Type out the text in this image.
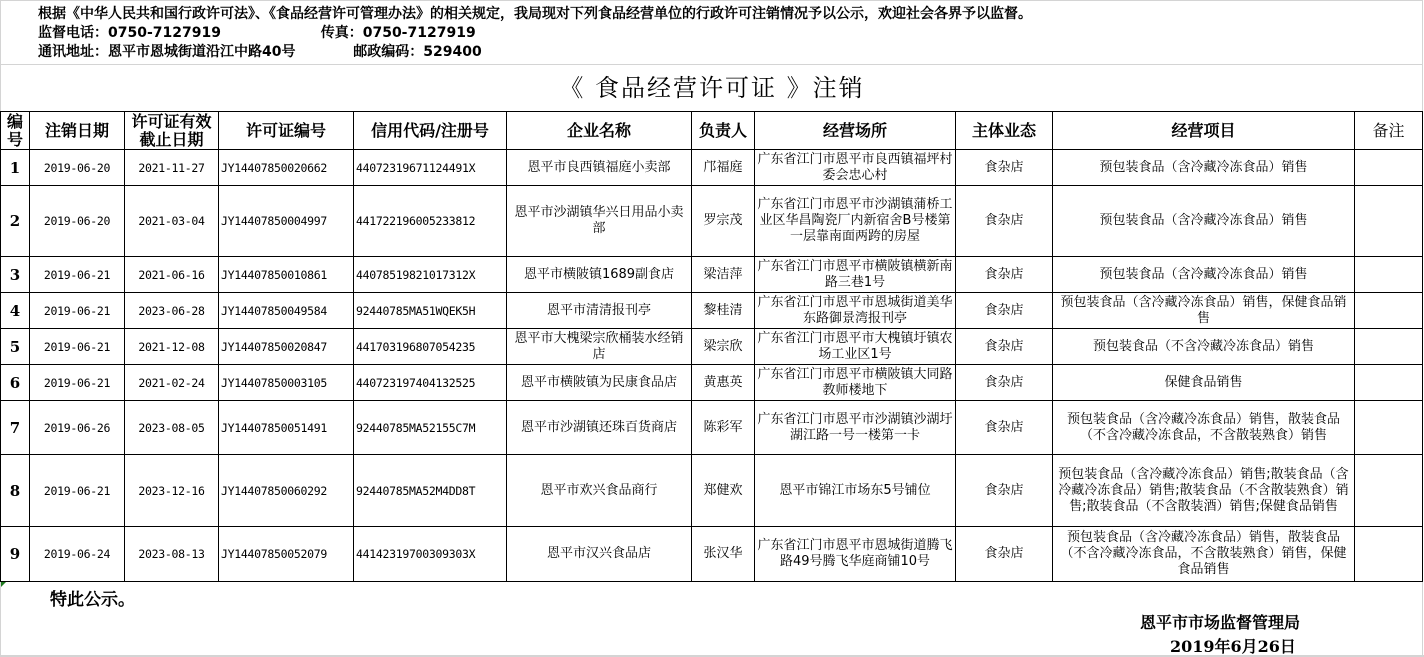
根据《中华人民共和国行政许可法》、《食品经营许可管理办法》的相关规定，我局现对下列食品经营单位的行政许可注销情况予以公示，欢迎社会各界予以监督。
监督电话：0750-7127919	传真：0750-7127919
通讯地址：恩平市恩城街道沿江中路40号	邮政编码：529400
《 食品经营许可证 》注销
编号	注销日期	许可证有效截止日期	许可证编号	信用代码/注册号	企业名称	负责人	经营场所	主体业态	经营项目	备注
1	2019-06-20	2021-11-27	JY14407850020662	44072319671124491X	恩平市良西镇福庭小卖部	邝福庭	广东省江门市恩平市良西镇福坪村委会忠心村	食杂店	预包装食品（含冷藏冷冻食品）销售	
2	2019-06-20	2021-03-04	JY14407850004997	441722196005233812	恩平市沙湖镇华兴日用品小卖部	罗宗茂	广东省江门市恩平市沙湖镇蒲桥工业区华昌陶瓷厂内新宿舍B号楼第一层靠南面两跨的房屋	食杂店	预包装食品（含冷藏冷冻食品）销售	
3	2019-06-21	2021-06-16	JY14407850010861	44078519821017312X	恩平市横陂镇1689副食店	梁洁萍	广东省江门市恩平市横陂镇横新南路三巷1号	食杂店	预包装食品（含冷藏冷冻食品）销售	
4	2019-06-21	2023-06-28	JY14407850049584	92440785MA51WQEK5H	恩平市清清报刊亭	黎桂清	广东省江门市恩平市恩城街道美华东路御景湾报刊亭	食杂店	预包装食品（含冷藏冷冻食品）销售，保健食品销售	
5	2019-06-21	2021-12-08	JY14407850020847	441703196807054235	恩平市大槐梁宗欣桶装水经销店	梁宗欣	广东省江门市恩平市大槐镇圩镇农场工业区1号	食杂店	预包装食品（不含冷藏冷冻食品）销售	
6	2019-06-21	2021-02-24	JY14407850003105	440723197404132525	恩平市横陂镇为民康食品店	黄惠英	广东省江门市恩平市横陂镇大同路教师楼地下	食杂店	保健食品销售	
7	2019-06-26	2023-08-05	JY14407850051491	92440785MA52155C7M	恩平市沙湖镇还珠百货商店	陈彩军	广东省江门市恩平市沙湖镇沙湖圩湖江路一号一楼第一卡	食杂店	预包装食品（含冷藏冷冻食品）销售，散装食品（不含冷藏冷冻食品，不含散装熟食）销售	
8	2019-06-21	2023-12-16	JY14407850060292	92440785MA52M4DD8T	恩平市欢兴食品商行	郑健欢	恩平市锦江市场东5号铺位	食杂店	预包装食品（含冷藏冷冻食品）销售;散装食品（含冷藏冷冻食品）销售;散装食品（不含散装熟食）销售;散装食品（不含散装酒）销售;保健食品销售	
9	2019-06-24	2023-08-13	JY14407850052079	44142319700309303X	恩平市汉兴食品店	张汉华	广东省江门市恩平市恩城街道腾飞路49号腾飞华庭商铺10号	食杂店	预包装食品（含冷藏冷冻食品）销售，散装食品（不含冷藏冷冻食品，不含散装熟食）销售，保健食品销售	
特此公示。
恩平市市场监督管理局
2019年6月26日
